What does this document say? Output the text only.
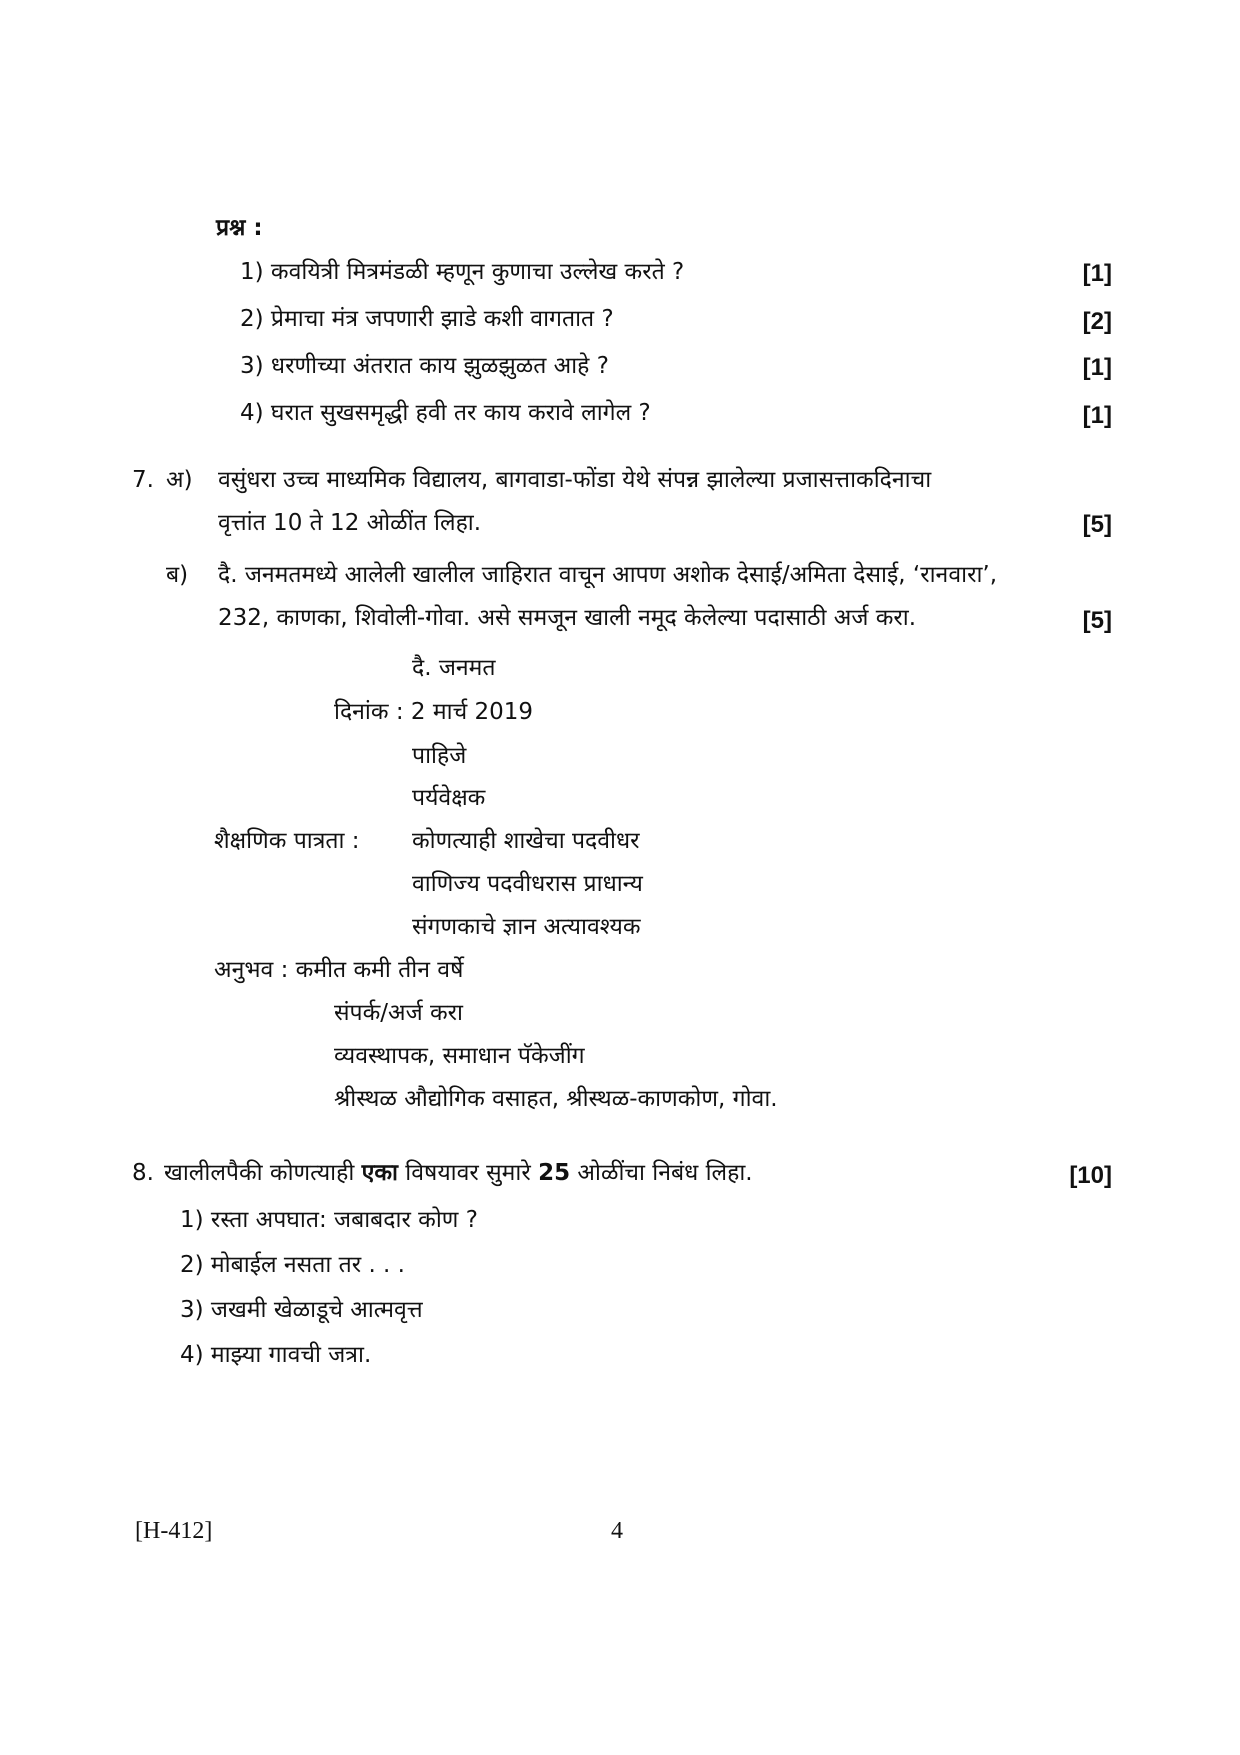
प्रश्न :
1) कवयित्री मित्रमंडळी म्हणून कुणाचा उल्लेख करते ?	[1]
2) प्रेमाचा मंत्र जपणारी झाडे कशी वागतात ?	[2]
3) धरणीच्या अंतरात काय झुळझुळत आहे ?	[1]
4) घरात सुखसमृद्धी हवी तर काय करावे लागेल ?	[1]
7. अ) वसुंधरा उच्च माध्यमिक विद्यालय, बागवाडा-फोंडा येथे संपन्न झालेल्या प्रजासत्ताकदिनाचा
वृत्तांत 10 ते 12 ओळींत लिहा.	[5]
ब) दै. जनमतमध्ये आलेली खालील जाहिरात वाचून आपण अशोक देसाई/अमिता देसाई, ‘रानवारा’,
232, काणका, शिवोली-गोवा. असे समजून खाली नमूद केलेल्या पदासाठी अर्ज करा.	[5]
दै. जनमत
दिनांक : 2 मार्च 2019
पाहिजे
पर्यवेक्षक
शैक्षणिक पात्रता : कोणत्याही शाखेचा पदवीधर
वाणिज्य पदवीधरास प्राधान्य
संगणकाचे ज्ञान अत्यावश्यक
अनुभव : कमीत कमी तीन वर्षे
संपर्क/अर्ज करा
व्यवस्थापक, समाधान पॅकेजींग
श्रीस्थळ औद्योगिक वसाहत, श्रीस्थळ-काणकोण, गोवा.
8. खालीलपैकी कोणत्याही एका विषयावर सुमारे 25 ओळींचा निबंध लिहा.	[10]
1) रस्ता अपघात: जबाबदार कोण ?
2) मोबाईल नसता तर . . .
3) जखमी खेळाडूचे आत्मवृत्त
4) माझ्या गावची जत्रा.
[H-412]	4
